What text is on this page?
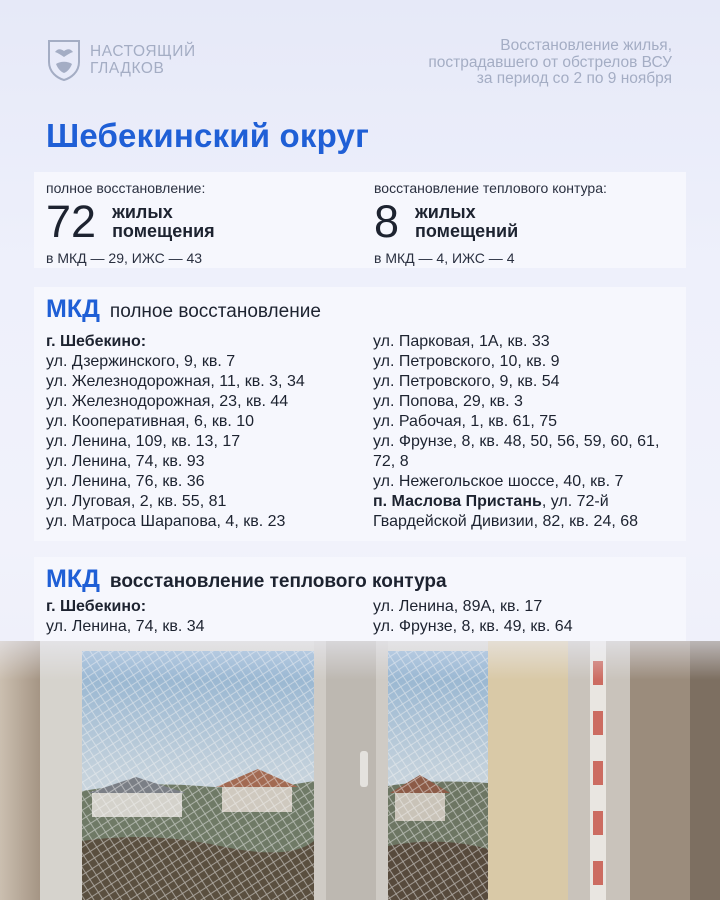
НАСТОЯЩИЙ
ГЛАДКОВ
Восстановление жилья,
пострадавшего от обстрелов ВСУ
за период со 2 по 9 ноября
Шебекинский округ
полное восстановление:
72 жилых
помещения
в МКД — 29, ИЖС — 43
восстановление теплового контура:
8 жилых
помещений
в МКД — 4, ИЖС — 4
МКД полное восстановление
г. Шебекино:
ул. Дзержинского, 9, кв. 7
ул. Железнодорожная, 11, кв. 3, 34
ул. Железнодорожная, 23, кв. 44
ул. Кооперативная, 6, кв. 10
ул. Ленина, 109, кв. 13, 17
ул. Ленина, 74, кв. 93
ул. Ленина, 76, кв. 36
ул. Луговая, 2, кв. 55, 81
ул. Матроса Шарапова, 4, кв. 23
ул. Парковая, 1А, кв. 33
ул. Петровского, 10, кв. 9
ул. Петровского, 9, кв. 54
ул. Попова, 29, кв. 3
ул. Рабочая, 1, кв. 61, 75
ул. Фрунзе, 8, кв. 48, 50, 56, 59, 60, 61,
72, 8
ул. Нежегольское шоссе, 40, кв. 7
п. Маслова Пристань, ул. 72-й
Гвардейской Дивизии, 82, кв. 24, 68
МКД восстановление теплового контура
г. Шебекино:
ул. Ленина, 74, кв. 34
ул. Ленина, 89А, кв. 17
ул. Фрунзе, 8, кв. 49, кв. 64
